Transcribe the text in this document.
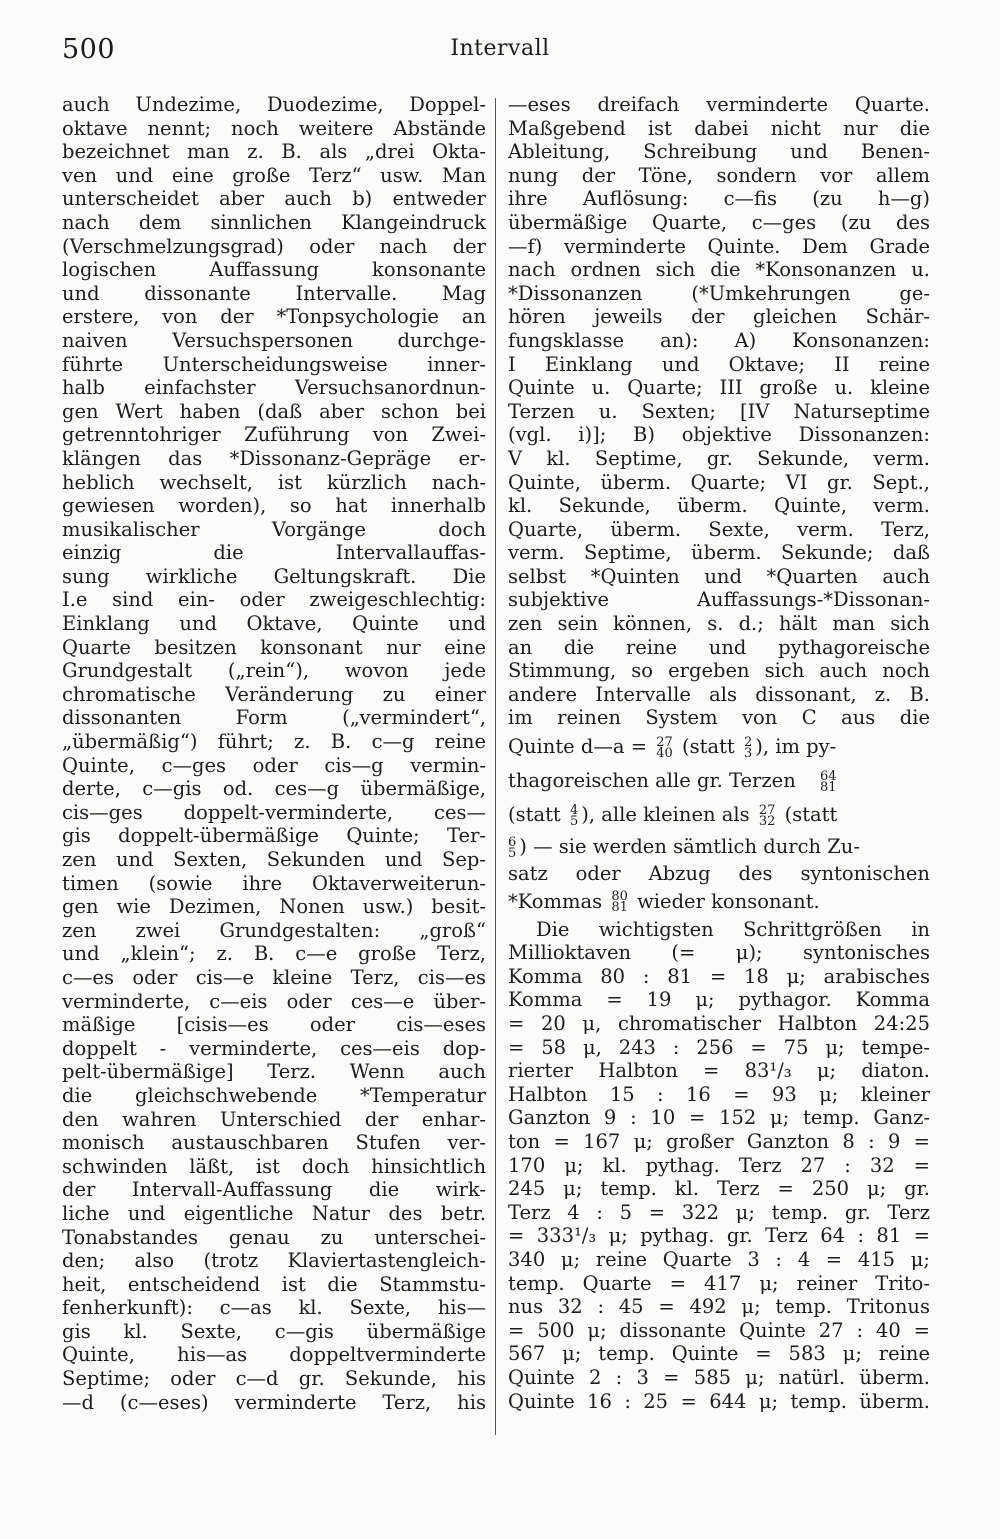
500	Intervall
auch Undezime, Duodezime, Doppel-
oktave nennt; noch weitere Abstände
bezeichnet man z. B. als „drei Okta-
ven und eine große Terz“ usw. Man
unterscheidet aber auch b) entweder
nach dem sinnlichen Klangeindruck
(Verschmelzungsgrad) oder nach der
logischen Auffassung konsonante
und dissonante Intervalle. Mag
erstere, von der *Tonpsychologie an
naiven Versuchspersonen durchge-
führte Unterscheidungsweise inner-
halb einfachster Versuchsanordnun-
gen Wert haben (daß aber schon bei
getrenntohriger Zuführung von Zwei-
klängen das *Dissonanz-Gepräge er-
heblich wechselt, ist kürzlich nach-
gewiesen worden), so hat innerhalb
musikalischer Vorgänge doch
einzig die Intervallauffas-
sung wirkliche Geltungskraft. Die
I.e sind ein- oder zweigeschlechtig:
Einklang und Oktave, Quinte und
Quarte besitzen konsonant nur eine
Grundgestalt („rein“), wovon jede
chromatische Veränderung zu einer
dissonanten Form („vermindert“,
„übermäßig“) führt; z. B. c—g reine
Quinte, c—ges oder cis—g vermin-
derte, c—gis od. ces—g übermäßige,
cis—ges doppelt-verminderte, ces—
gis doppelt-übermäßige Quinte; Ter-
zen und Sexten, Sekunden und Sep-
timen (sowie ihre Oktaverweiterun-
gen wie Dezimen, Nonen usw.) besit-
zen zwei Grundgestalten: „groß“
und „klein“; z. B. c—e große Terz,
c—es oder cis—e kleine Terz, cis—es
verminderte, c—eis oder ces—e über-
mäßige [cisis—es oder cis—eses
doppelt - verminderte, ces—eis dop-
pelt-übermäßige] Terz. Wenn auch
die gleichschwebende *Temperatur
den wahren Unterschied der enhar-
monisch austauschbaren Stufen ver-
schwinden läßt, ist doch hinsichtlich
der Intervall-Auffassung die wirk-
liche und eigentliche Natur des betr.
Tonabstandes genau zu unterschei-
den; also (trotz Klaviertastengleich-
heit, entscheidend ist die Stammstu-
fenherkunft): c—as kl. Sexte, his—
gis kl. Sexte, c—gis übermäßige
Quinte, his—as doppeltverminderte
Septime; oder c—d gr. Sekunde, his
—d (c—eses) verminderte Terz, his
—eses dreifach verminderte Quarte.
Maßgebend ist dabei nicht nur die
Ableitung, Schreibung und Benen-
nung der Töne, sondern vor allem
ihre Auflösung: c—fis (zu h—g)
übermäßige Quarte, c—ges (zu des
—f) verminderte Quinte. Dem Grade
nach ordnen sich die *Konsonanzen u.
*Dissonanzen (*Umkehrungen ge-
hören jeweils der gleichen Schär-
fungsklasse an): A) Konsonanzen:
I Einklang und Oktave; II reine
Quinte u. Quarte; III große u. kleine
Terzen u. Sexten; [IV Naturseptime
(vgl. i)]; B) objektive Dissonanzen:
V kl. Septime, gr. Sekunde, verm.
Quinte, überm. Quarte; VI gr. Sept.,
kl. Sekunde, überm. Quinte, verm.
Quarte, überm. Sexte, verm. Terz,
verm. Septime, überm. Sekunde; daß
selbst *Quinten und *Quarten auch
subjektive Auffassungs-*Dissonan-
zen sein können, s. d.; hält man sich
an die reine und pythagoreische
Stimmung, so ergeben sich auch noch
andere Intervalle als dissonant, z. B.
im reinen System von C aus die
Quinte d—a = 27
40 (statt 2
3 ), im py-
thagoreischen alle gr. Terzen 64
81
(statt 4
5 ), alle kleinen als 27
32 (statt
6
5 ) — sie werden sämtlich durch Zu-
satz oder Abzug des syntonischen
*Kommas 80
81 wieder konsonant.
Die wichtigsten Schrittgrößen in
Millioktaven (= μ); syntonisches
Komma 80 : 81 = 18 μ; arabisches
Komma = 19 μ; pythagor. Komma
= 20 μ, chromatischer Halbton 24:25
= 58 μ, 243 : 256 = 75 μ; tempe-
rierter Halbton = 83¹/₃ μ; diaton.
Halbton 15 : 16 = 93 μ; kleiner
Ganzton 9 : 10 = 152 μ; temp. Ganz-
ton = 167 μ; großer Ganzton 8 : 9 =
170 μ; kl. pythag. Terz 27 : 32 =
245 μ; temp. kl. Terz = 250 μ; gr.
Terz 4 : 5 = 322 μ; temp. gr. Terz
= 333¹/₃ μ; pythag. gr. Terz 64 : 81 =
340 μ; reine Quarte 3 : 4 = 415 μ;
temp. Quarte = 417 μ; reiner Trito-
nus 32 : 45 = 492 μ; temp. Tritonus
= 500 μ; dissonante Quinte 27 : 40 =
567 μ; temp. Quinte = 583 μ; reine
Quinte 2 : 3 = 585 μ; natürl. überm.
Quinte 16 : 25 = 644 μ; temp. überm.
